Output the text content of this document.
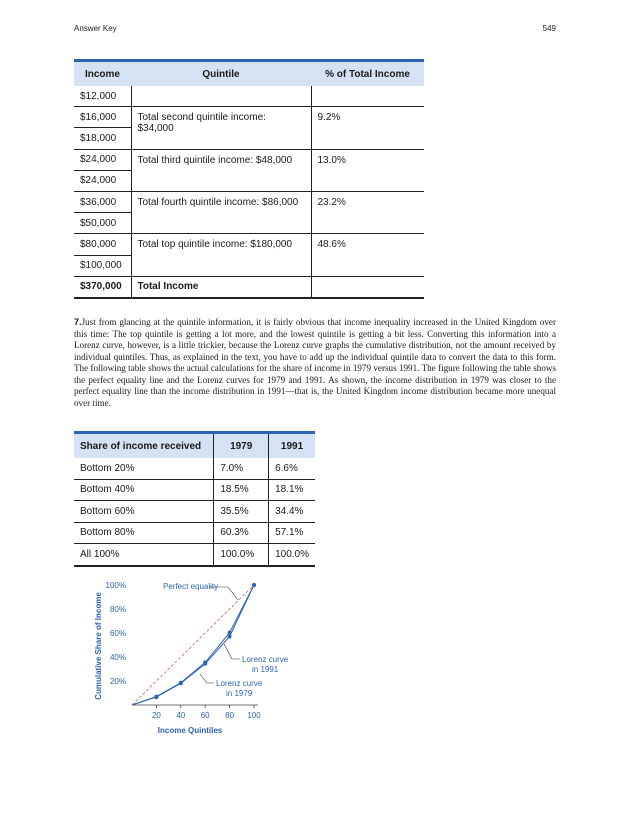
Answer Key	549
Income	Quintile	% of Total Income
$12,000		
$16,000	Total second quintile income: $34,000	9.2%
$18,000		
$24,000	Total third quintile income: $48,000	13.0%
$24,000		
$36,000	Total fourth quintile income: $86,000	23.2%
$50,000		
$80,000	Total top quintile income: $180,000	48.6%
$100,000		
$370,000	Total Income	
7.Just from glancing at the quintile information, it is fairly obvious that income inequality increased in the United Kingdom over this time: The top quintile is getting a lot more, and the lowest quintile is getting a bit less. Converting this information into a Lorenz curve, however, is a little trickier, because the Lorenz curve graphs the cumulative distribution, not the amount received by individual quintiles. Thus, as explained in the text, you have to add up the individual quintile data to convert the data to this form. The following table shows the actual calculations for the share of income in 1979 versus 1991. The figure following the table shows the perfect equality line and the Lorenz curves for 1979 and 1991. As shown, the income distribution in 1979 was closer to the perfect equality line than the income distribution in 1991—that is, the United Kingdom income distribution became more unequal over time.
Share of income received	1979	1991
Bottom 20%	7.0%	6.6%
Bottom 40%	18.5%	18.1%
Bottom 60%	35.5%	34.4%
Bottom 80%	60.3%	57.1%
All 100%	100.0%	100.0%
20%
40%
60%
80%
100%
20 40 60 80 100
Income Quintiles
Cumulative Share of Income
Perfect equality
Lorenz curve
in 1991
Lorenz curve
in 1979
